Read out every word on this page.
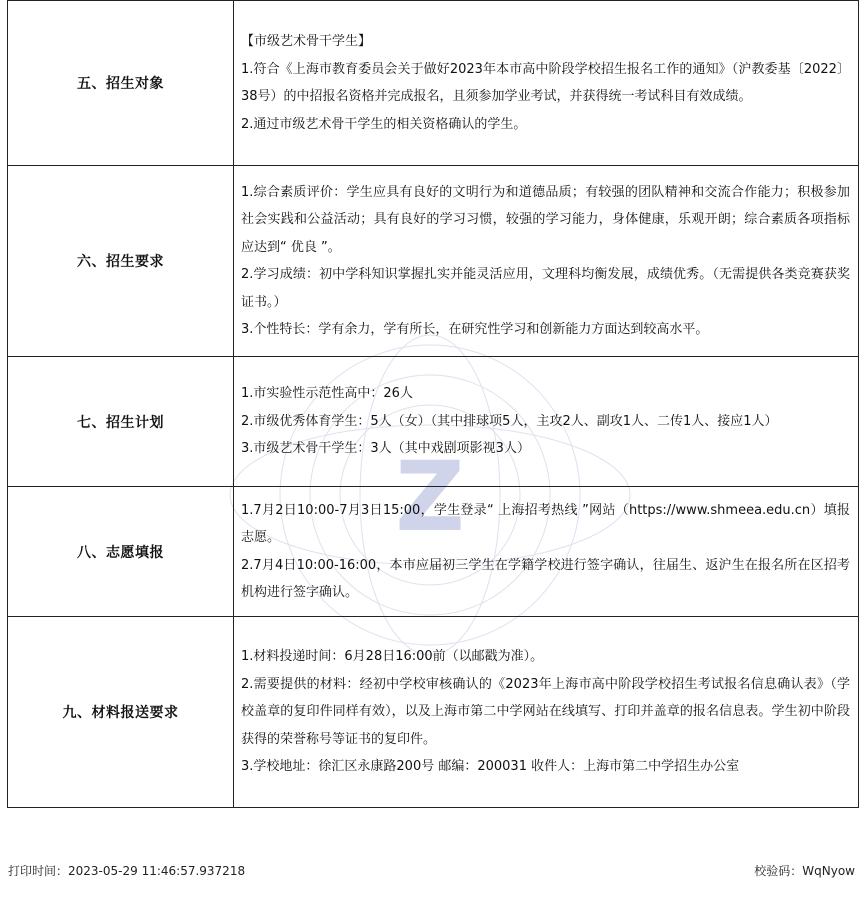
Z
五、招生对象	【市级艺术骨干学生】
1.符合《上海市教育委员会关于做好2023年本市高中阶段学校招生报名工作的通知》（沪教委基〔2022〕38号）的中招报名资格并完成报名，且须参加学业考试，并获得统一考试科目有效成绩。
2.通过市级艺术骨干学生的相关资格确认的学生。

六、招生要求	1.综合素质评价：学生应具有良好的文明行为和道德品质；有较强的团队精神和交流合作能力；积极参加社会实践和公益活动；具有良好的学习习惯，较强的学习能力，身体健康，乐观开朗；综合素质各项指标应达到“ 优良 ”。
2.学习成绩：初中学科知识掌握扎实并能灵活应用，文理科均衡发展，成绩优秀。（无需提供各类竞赛获奖证书。）
3.个性特长：学有余力，学有所长，在研究性学习和创新能力方面达到较高水平。

七、招生计划	1.市实验性示范性高中：26人
2.市级优秀体育学生：5人（女）（其中排球项5人，主攻2人、副攻1人、二传1人、接应1人）
3.市级艺术骨干学生：3人（其中戏剧项影视3人）

八、志愿填报	1.7月2日10:00-7月3日15:00，学生登录“ 上海招考热线 ”网站（https://www.shmeea.edu.cn）填报志愿。
2.7月4日10:00-16:00，本市应届初三学生在学籍学校进行签字确认，往届生、返沪生在报名所在区招考机构进行签字确认。

九、材料报送要求	1.材料投递时间：6月28日16:00前（以邮戳为准）。
2.需要提供的材料：经初中学校审核确认的《2023年上海市高中阶段学校招生考试报名信息确认表》（学校盖章的复印件同样有效），以及上海市第二中学网站在线填写、打印并盖章的报名信息表。学生初中阶段获得的荣誉称号等证书的复印件。
3.学校地址：徐汇区永康路200号 邮编：200031 收件人：上海市第二中学招生办公室
打印时间：2023-05-29 11:46:57.937218	校验码：WqNyow
